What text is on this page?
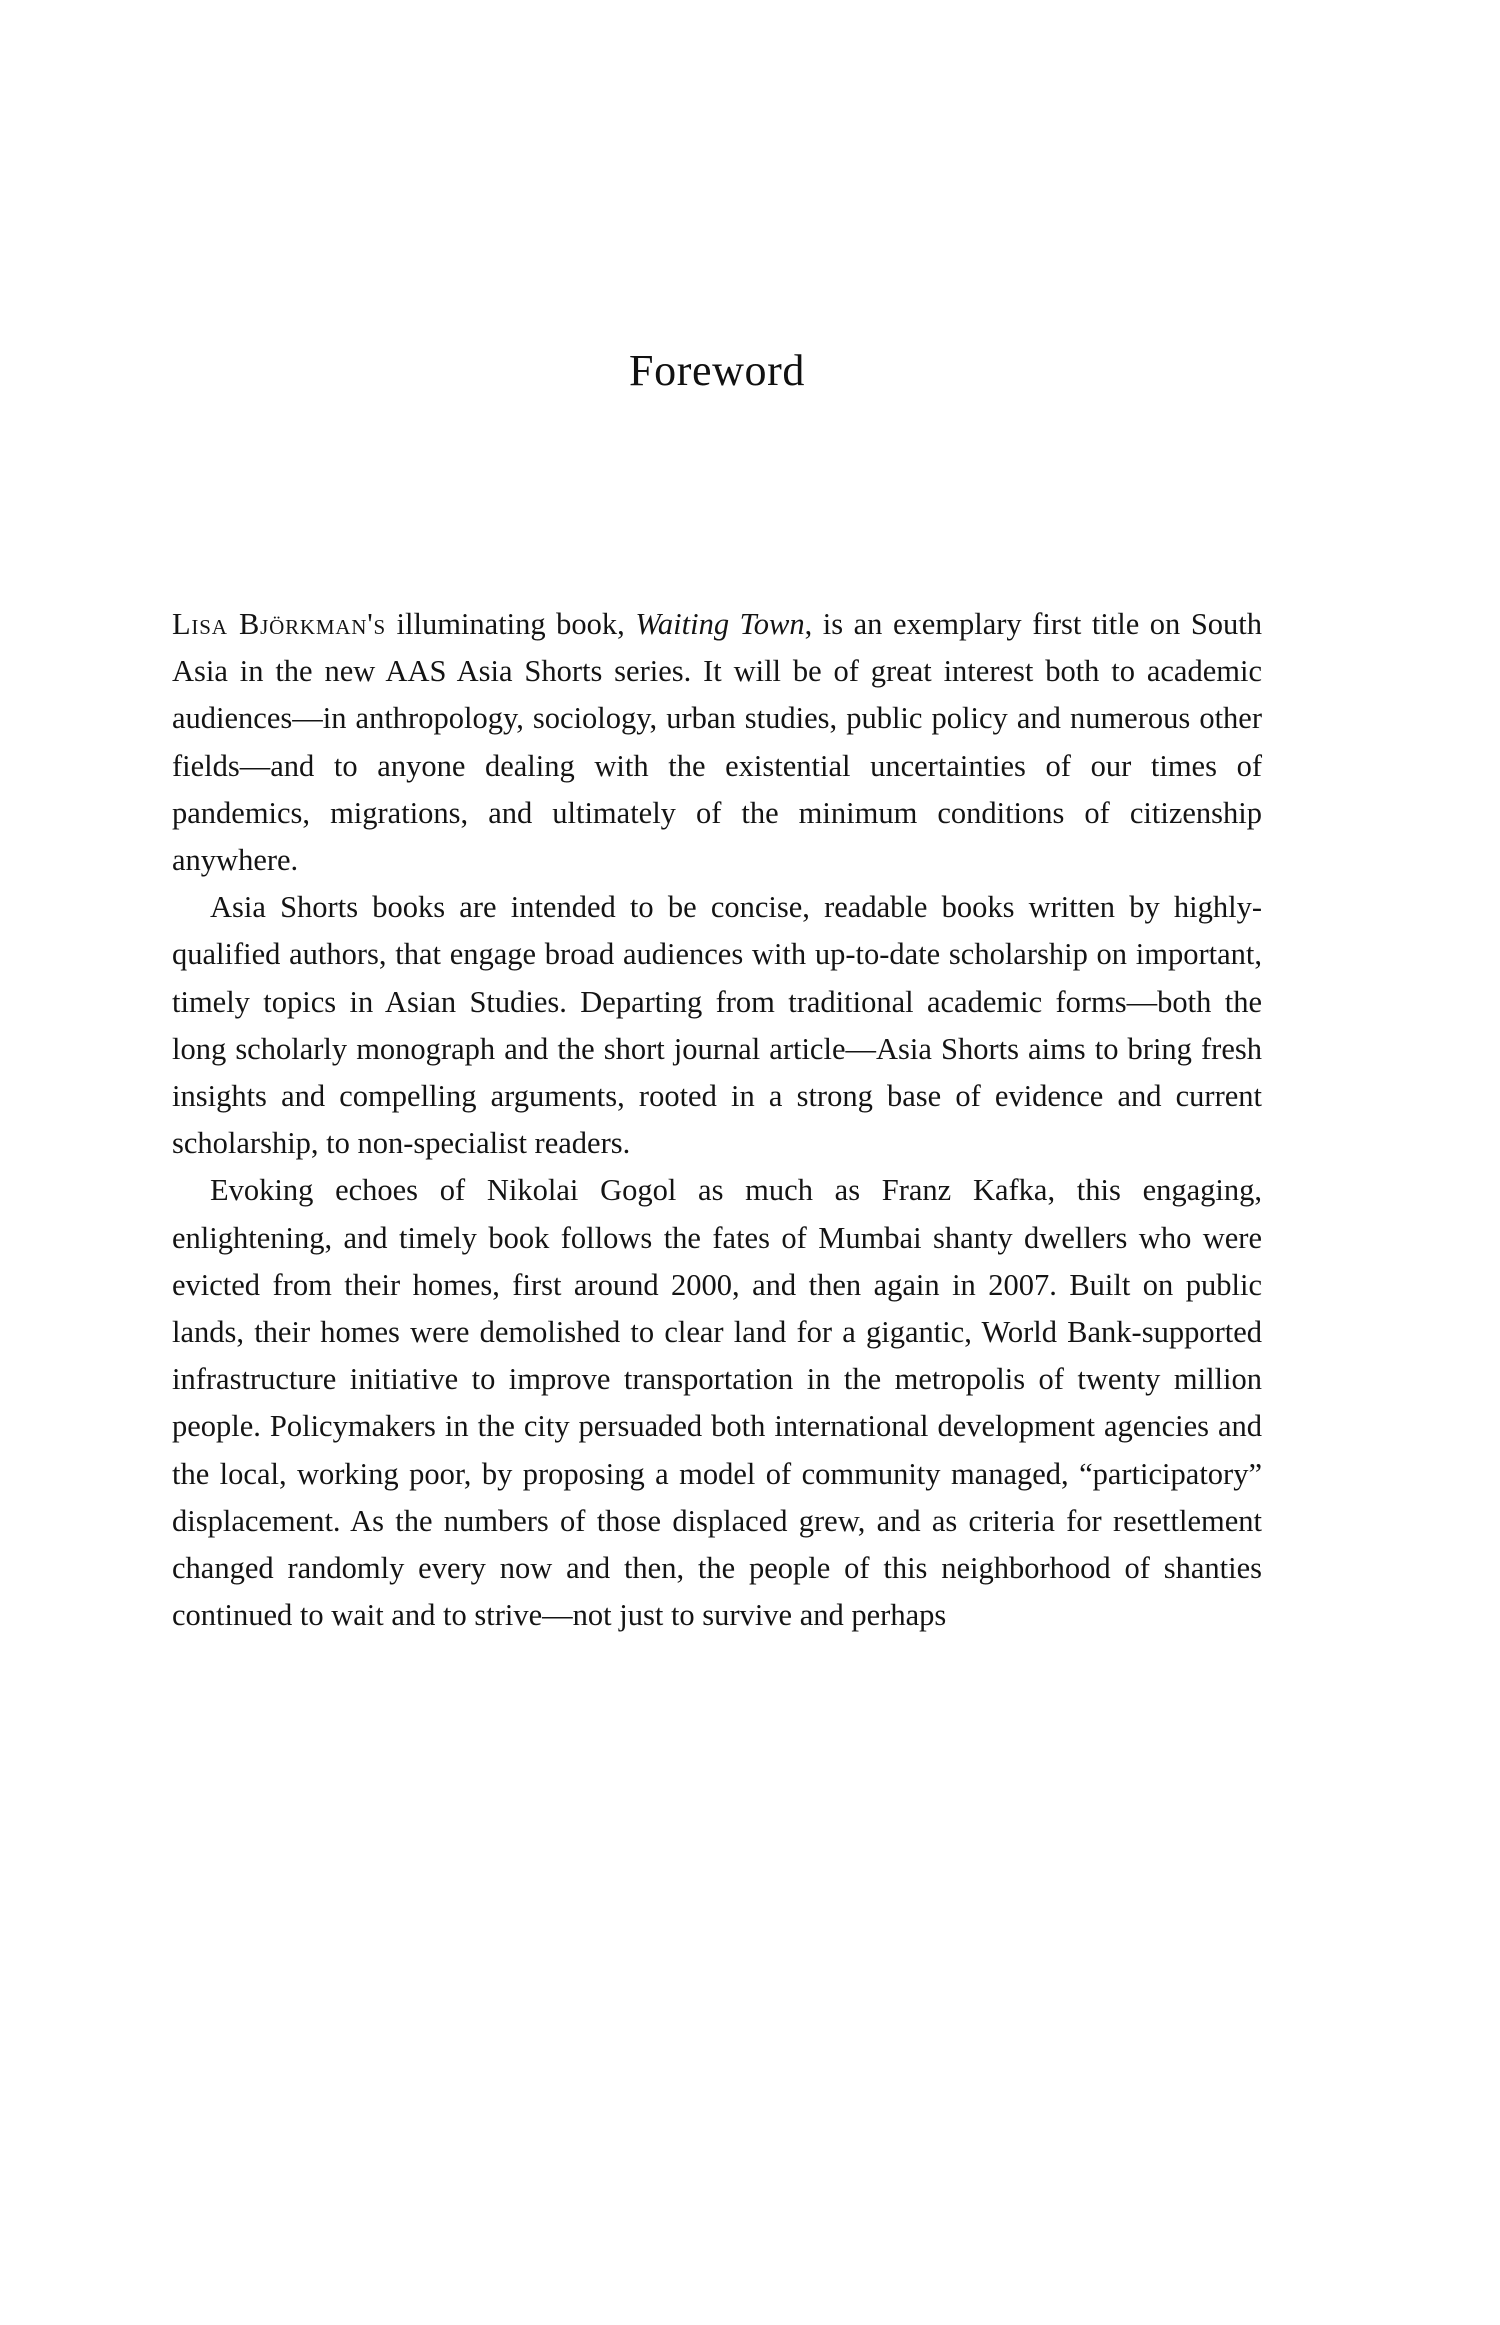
Foreword

Lisa Björkman's illuminating book, Waiting Town, is an exemplary first title on South Asia in the new AAS Asia Shorts series. It will be of great interest both to academic audiences—in anthropology, sociology, urban studies, public policy and numerous other fields—and to anyone dealing with the existential uncertainties of our times of pandemics, migrations, and ultimately of the minimum conditions of citizenship anywhere.

Asia Shorts books are intended to be concise, readable books written by highly-qualified authors, that engage broad audiences with up-to-date scholarship on important, timely topics in Asian Studies. Departing from traditional academic forms—both the long scholarly monograph and the short journal article—Asia Shorts aims to bring fresh insights and compelling arguments, rooted in a strong base of evidence and current scholarship, to non-specialist readers.

Evoking echoes of Nikolai Gogol as much as Franz Kafka, this engaging, enlightening, and timely book follows the fates of Mumbai shanty dwellers who were evicted from their homes, first around 2000, and then again in 2007. Built on public lands, their homes were demolished to clear land for a gigantic, World Bank-supported infrastructure initiative to improve transportation in the metropolis of twenty million people. Policymakers in the city persuaded both international development agencies and the local, working poor, by proposing a model of community managed, “participatory” displacement. As the numbers of those displaced grew, and as criteria for resettlement changed randomly every now and then, the people of this neighborhood of shanties continued to wait and to strive—not just to survive and perhaps
